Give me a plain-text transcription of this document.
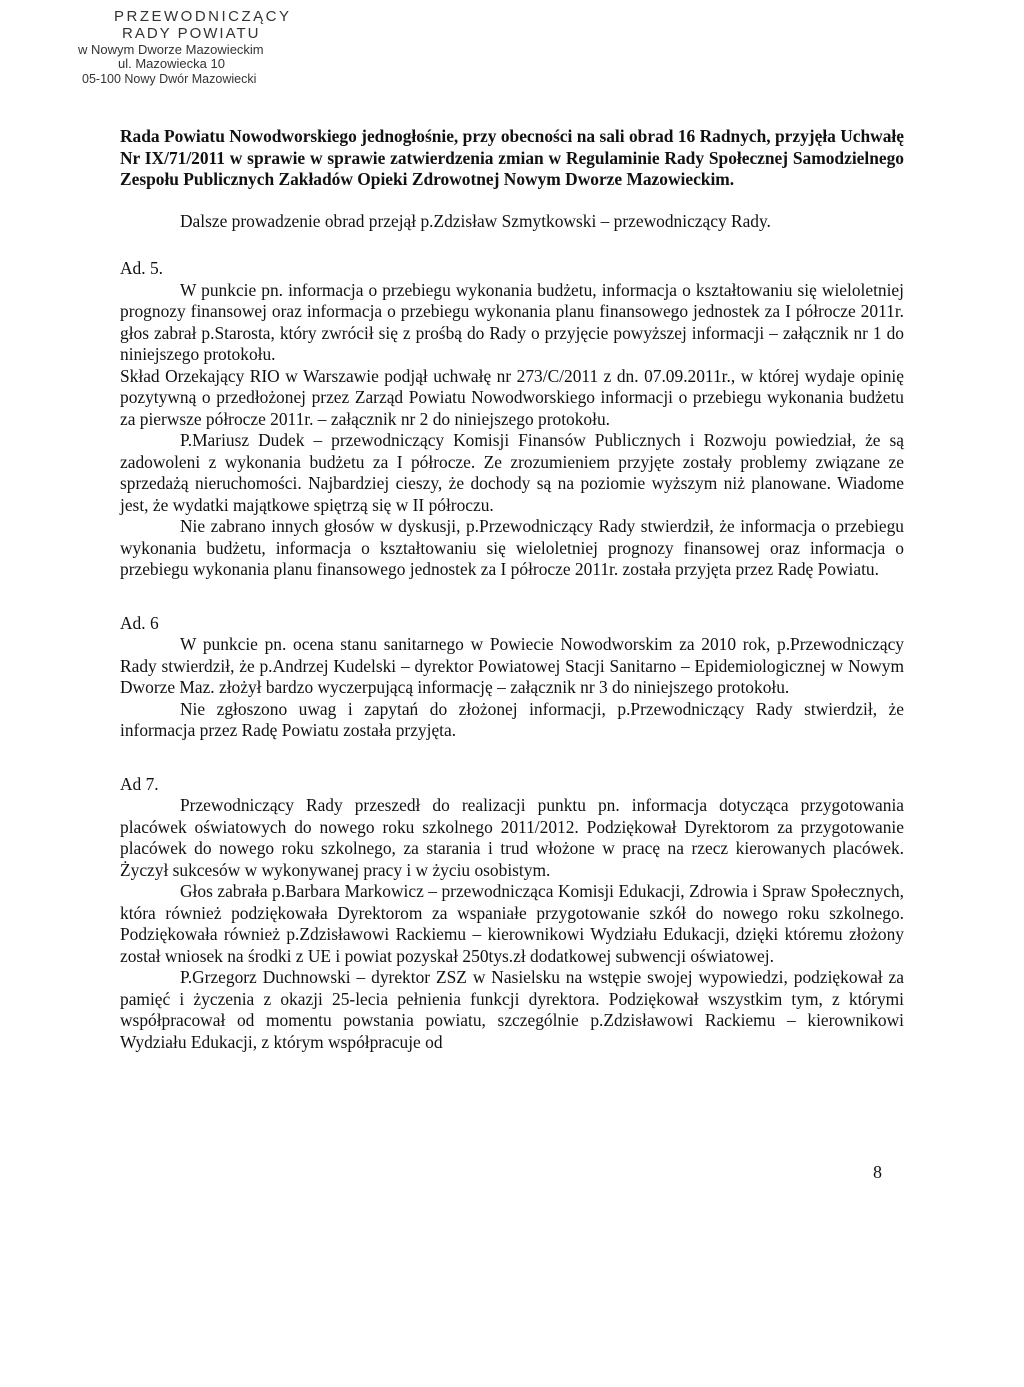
PRZEWODNICZĄCY
RADY POWIATU
w Nowym Dworze Mazowieckim
ul. Mazowiecka 10
05-100 Nowy Dwór Mazowiecki

Rada Powiatu Nowodworskiego jednogłośnie, przy obecności na sali obrad 16 Radnych, przyjęła Uchwałę Nr IX/71/2011 w sprawie w sprawie zatwierdzenia zmian w Regulaminie Rady Społecznej Samodzielnego Zespołu Publicznych Zakładów Opieki Zdrowotnej Nowym Dworze Mazowieckim.

Dalsze prowadzenie obrad przejął p.Zdzisław Szmytkowski – przewodniczący Rady.

Ad. 5.

W punkcie pn. informacja o przebiegu wykonania budżetu, informacja o kształtowaniu się wieloletniej prognozy finansowej oraz informacja o przebiegu wykonania planu finansowego jednostek za I półrocze 2011r. głos zabrał p.Starosta, który zwrócił się z prośbą do Rady o przyjęcie powyższej informacji – załącznik nr 1 do niniejszego protokołu.

Skład Orzekający RIO w Warszawie podjął uchwałę nr 273/C/2011 z dn. 07.09.2011r., w której wydaje opinię pozytywną o przedłożonej przez Zarząd Powiatu Nowodworskiego informacji o przebiegu wykonania budżetu za pierwsze półrocze 2011r. – załącznik nr 2 do niniejszego protokołu.

P.Mariusz Dudek – przewodniczący Komisji Finansów Publicznych i Rozwoju powiedział, że są zadowoleni z wykonania budżetu za I półrocze. Ze zrozumieniem przyjęte zostały problemy związane ze sprzedażą nieruchomości. Najbardziej cieszy, że dochody są na poziomie wyższym niż planowane. Wiadome jest, że wydatki majątkowe spiętrzą się w II półroczu.

Nie zabrano innych głosów w dyskusji, p.Przewodniczący Rady stwierdził, że informacja o przebiegu wykonania budżetu, informacja o kształtowaniu się wieloletniej prognozy finansowej oraz informacja o przebiegu wykonania planu finansowego jednostek za I półrocze 2011r. została przyjęta przez Radę Powiatu.

Ad. 6

W punkcie pn. ocena stanu sanitarnego w Powiecie Nowodworskim za 2010 rok, p.Przewodniczący Rady stwierdził, że p.Andrzej Kudelski – dyrektor Powiatowej Stacji Sanitarno – Epidemiologicznej w Nowym Dworze Maz. złożył bardzo wyczerpującą informację – załącznik nr 3 do niniejszego protokołu.

Nie zgłoszono uwag i zapytań do złożonej informacji, p.Przewodniczący Rady stwierdził, że informacja przez Radę Powiatu została przyjęta.

Ad 7.

Przewodniczący Rady przeszedł do realizacji punktu pn. informacja dotycząca przygotowania placówek oświatowych do nowego roku szkolnego 2011/2012. Podziękował Dyrektorom za przygotowanie placówek do nowego roku szkolnego, za starania i trud włożone w pracę na rzecz kierowanych placówek. Życzył sukcesów w wykonywanej pracy i w życiu osobistym.

Głos zabrała p.Barbara Markowicz – przewodnicząca Komisji Edukacji, Zdrowia i Spraw Społecznych, która również podziękowała Dyrektorom za wspaniałe przygotowanie szkół do nowego roku szkolnego. Podziękowała również p.Zdzisławowi Rackiemu – kierownikowi Wydziału Edukacji, dzięki któremu złożony został wniosek na środki z UE i powiat pozyskał 250tys.zł dodatkowej subwencji oświatowej.

P.Grzegorz Duchnowski – dyrektor ZSZ w Nasielsku na wstępie swojej wypowiedzi, podziękował za pamięć i życzenia z okazji 25-lecia pełnienia funkcji dyrektora. Podziękował wszystkim tym, z którymi współpracował od momentu powstania powiatu, szczególnie p.Zdzisławowi Rackiemu – kierownikowi Wydziału Edukacji, z którym współpracuje od

8
